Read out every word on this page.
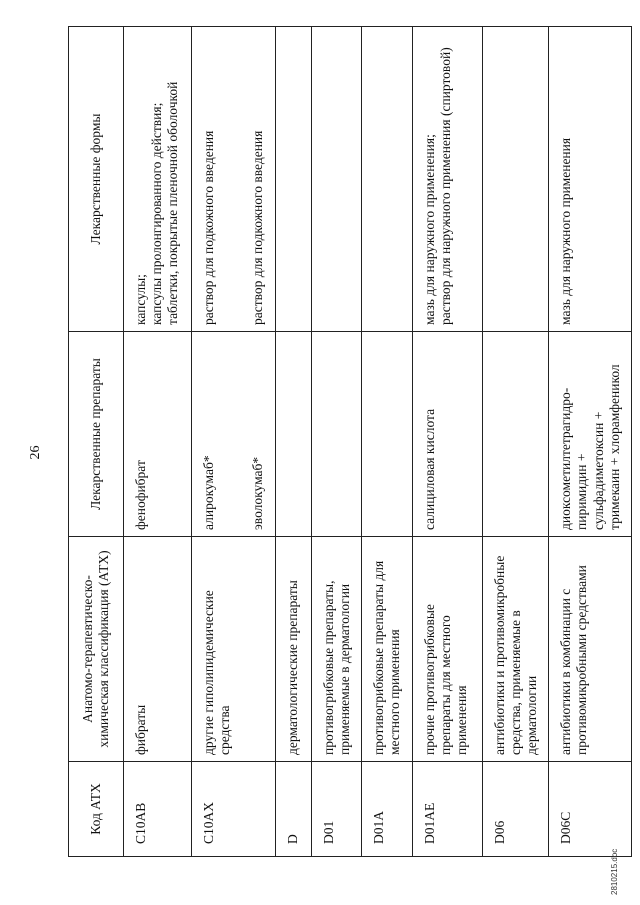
26
Код АТХ	Анатомо-терапевтическо-химическая классификация (АТХ)	Лекарственные препараты	Лекарственные формы
C10AB	фибраты	фенофибрат	капсулы; капсулы пролонгированного действия; таблетки, покрытые пленочной оболочкой

C10AX	другие гиполипидемические средства	алирокумаб*	раствор для подкожного введения

		эволокумаб*	раствор для подкожного введения

D	дерматологические препараты		
D01	противогрибковые препараты, применяемые в дерматологии		
D01A	противогрибковые препараты для местного применения		
D01AE	прочие противогрибковые препараты для местного применения	салициловая кислота	мазь для наружного применения; раствор для наружного применения (спиртовой)

D06	антибиотики и противомикробные средства, применяемые в дерматологии		
D06C	антибиотики в комбинации с противомикробными средствами	диоксометилтетрагидро-пиримидин + сульфадиметоксин + тримекаин + хлорамфеникол	мазь для наружного применения
2810215.doc
